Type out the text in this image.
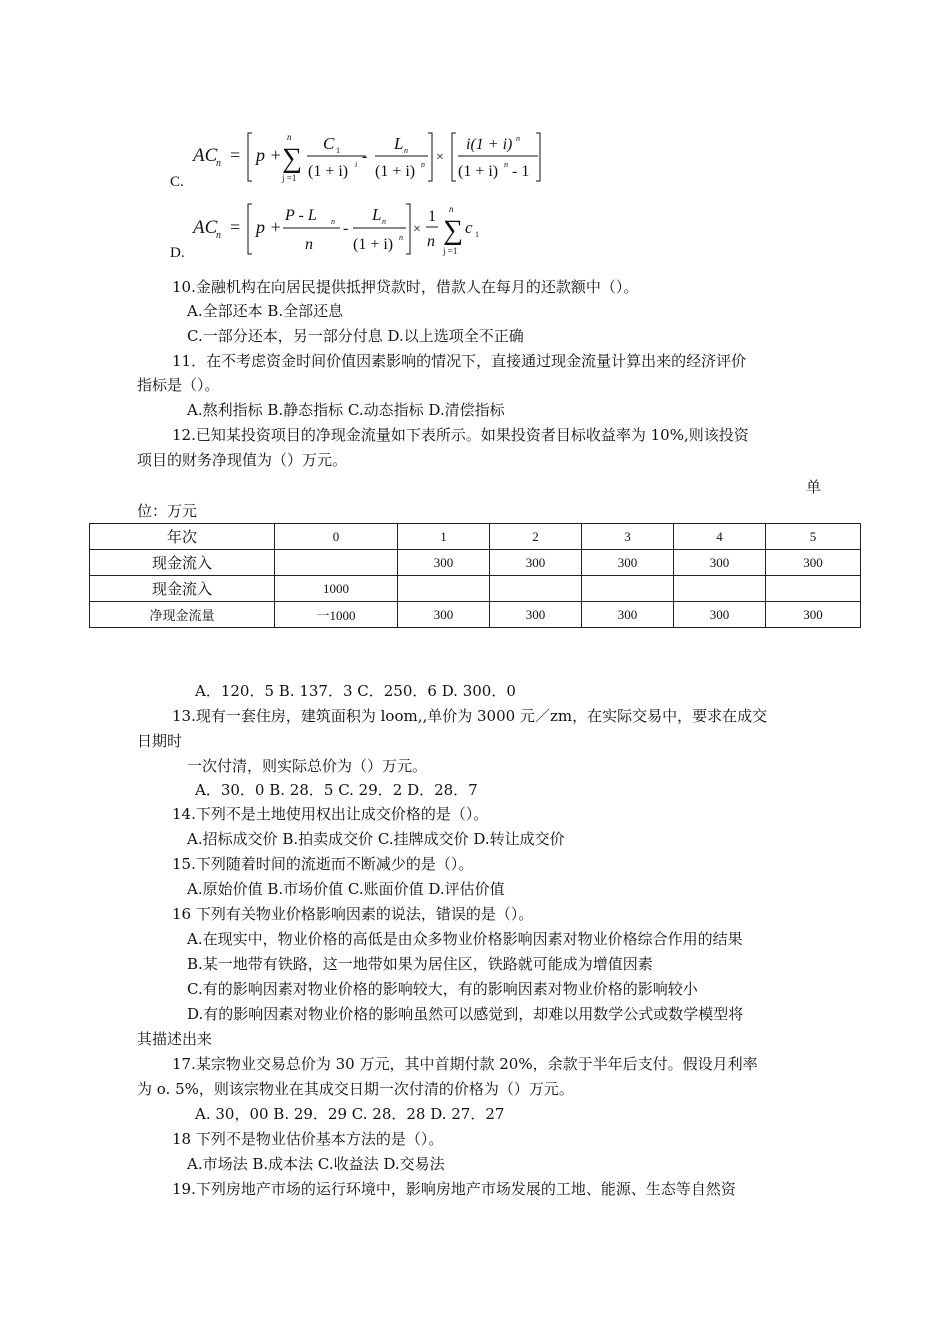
C.
AC
n = p +
n
∑
j =1
C 1
(1 + i) i -
L n
(1 + i) n ×
i(1 + i) n
(1 + i) n - 1
D.
AC
n = p +
P - L n
n
-
L n
(1 + i) n
×
1
n
n
∑
j =1
c 1
10.金融机构在向居民提供抵押贷款时，借款人在每月的还款额中（）。
A.全部还本 B.全部还息
C.一部分还本，另一部分付息 D.以上选项全不正确
11．在不考虑资金时间价值因素影响的情况下，直接通过现金流量计算出来的经济评价
指标是（）。
A.熬利指标 B.静态指标 C.动态指标 D.清偿指标
12.已知某投资项目的净现金流量如下表所示。如果投资者目标收益率为 10%,则该投资
项目的财务净现值为（）万元。
单
位：万元
年次	0	1	2	3	4	5
现金流入		300	300	300	300	300
现金流入	1000					
净现金流量	一1000	300	300	300	300	300
A．120．5 B. 137．3 C．250．6 D. 300．0
13.现有一套住房，建筑面积为 loom,,单价为 3000 元／zm，在实际交易中，要求在成交
日期时
一次付清，则实际总价为（）万元。
A．30．0 B. 28．5 C. 29．2 D．28．7
14.下列不是土地使用权出让成交价格的是（）。
A.招标成交价 B.拍卖成交价 C.挂牌成交价 D.转让成交价
15.下列随着时间的流逝而不断减少的是（）。
A.原始价值 B.市场价值 C.账面价值 D.评估价值
16 下列有关物业价格影响因素的说法，错误的是（）。
A.在现实中，物业价格的高低是由众多物业价格影响因素对物业价格综合作用的结果
B.某一地带有铁路，这一地带如果为居住区，铁路就可能成为增值因素
C.有的影响因素对物业价格的影响较大，有的影响因素对物业价格的影响较小
D.有的影响因素对物业价格的影响虽然可以感觉到，却难以用数学公式或数学模型将
其描述出来
17.某宗物业交易总价为 30 万元，其中首期付款 20%，余款于半年后支付。假设月利率
为 o. 5%，则该宗物业在其成交日期一次付清的价格为（）万元。
A. 30，00 B. 29．29 C. 28．28 D. 27．27
18 下列不是物业估价基本方法的是（）。
A.市场法 B.成本法 C.收益法 D.交易法
19.下列房地产市场的运行环境中，影响房地产市场发展的工地、能源、生态等自然资
